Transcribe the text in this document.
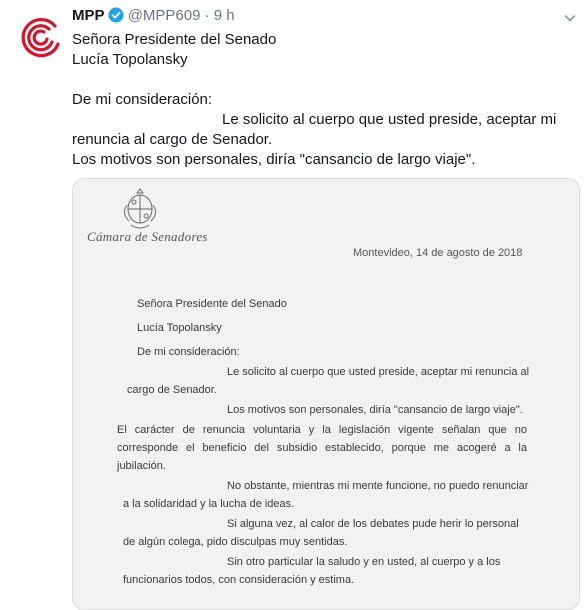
MPP @MPP609 · 9 h

Señora Presidente del Senado

Lucía Topolansky

De mi consideración:

Le solicito al cuerpo que usted preside, aceptar mi

renuncia al cargo de Senador.

Los motivos son personales, diría "cansancio de largo viaje".

Cámara de Senadores
Montevideo, 14 de agosto de 2018
Señora Presidente del Senado
Lucía Topolansky
De mi consideración:
Le solicito al cuerpo que usted preside, aceptar mi renuncia al
cargo de Senador.
Los motivos son personales, diría "cansancio de largo viaje".
El carácter de renuncia voluntaria y la legislación vigente señalan que no
corresponde el beneficio del subsidio establecido, porque me acogeré a la
jubilación.
No obstante, mientras mi mente funcione, no puedo renunciar
a la solidaridad y la lucha de ideas.
Si alguna vez, al calor de los debates pude herir lo personal
de algún colega, pido disculpas muy sentidas.
Sin otro particular la saludo y en usted, al cuerpo y a los
funcionarios todos, con consideración y estima.
